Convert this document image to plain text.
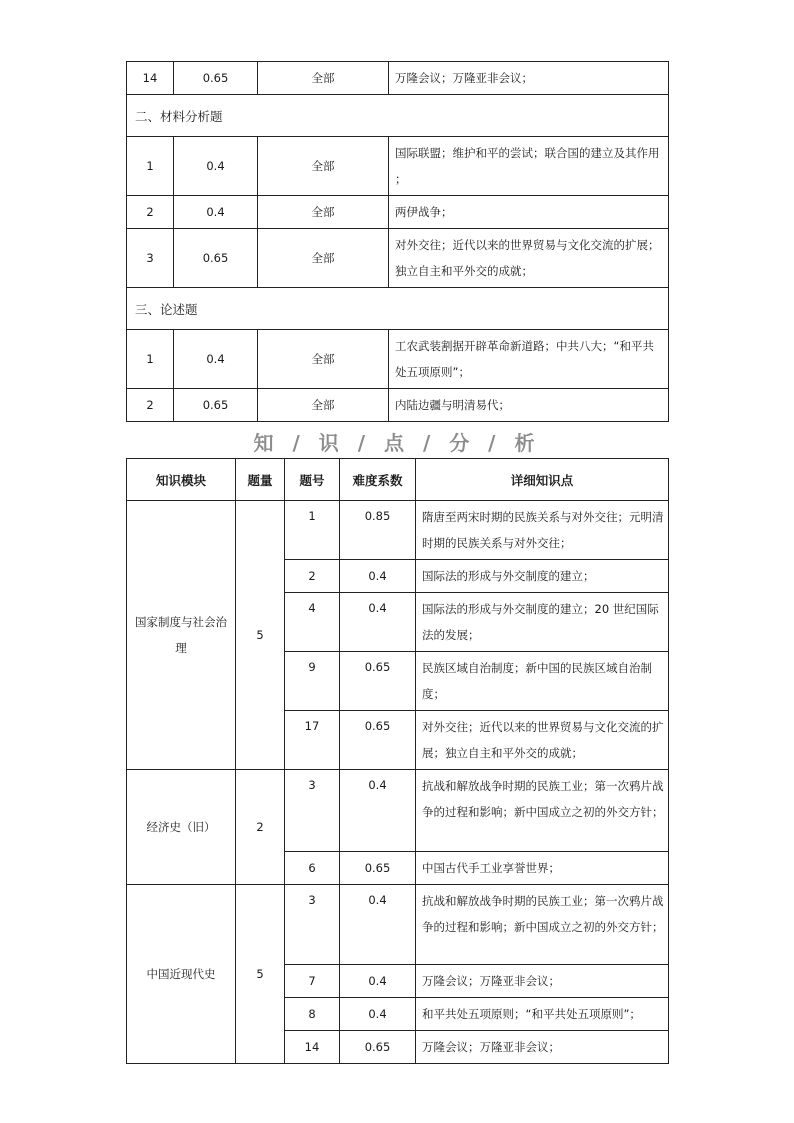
14	0.65	全部	万隆会议；万隆亚非会议；
二、材料分析题			
1	0.4	全部	国际联盟；维护和平的尝试；联合国的建立及其作用 ；
2	0.4	全部	两伊战争；
3	0.65	全部	对外交往；近代以来的世界贸易与文化交流的扩展；独立自主和平外交的成就；
三、论述题			
1	0.4	全部	工农武装割据开辟革命新道路；中共八大；“和平共处五项原则”；
2	0.65	全部	内陆边疆与明清易代；
知 / 识 / 点 / 分 / 析
知识模块	题量	题号	难度系数	详细知识点
国家制度与社会治理	5	1	0.85	隋唐至两宋时期的民族关系与对外交往；元明清时期的民族关系与对外交往；
		2	0.4	国际法的形成与外交制度的建立；
		4	0.4	国际法的形成与外交制度的建立；20 世纪国际法的发展；
		9	0.65	民族区域自治制度；新中国的民族区域自治制度；
		17	0.65	对外交往；近代以来的世界贸易与文化交流的扩展；独立自主和平外交的成就；
经济史（旧）	2	3	0.4	抗战和解放战争时期的民族工业；第一次鸦片战争的过程和影响；新中国成立之初的外交方针；
		6	0.65	中国古代手工业享誉世界；
中国近现代史	5	3	0.4	抗战和解放战争时期的民族工业；第一次鸦片战争的过程和影响；新中国成立之初的外交方针；
		7	0.4	万隆会议；万隆亚非会议；
		8	0.4	和平共处五项原则；“和平共处五项原则”；
		14	0.65	万隆会议；万隆亚非会议；
